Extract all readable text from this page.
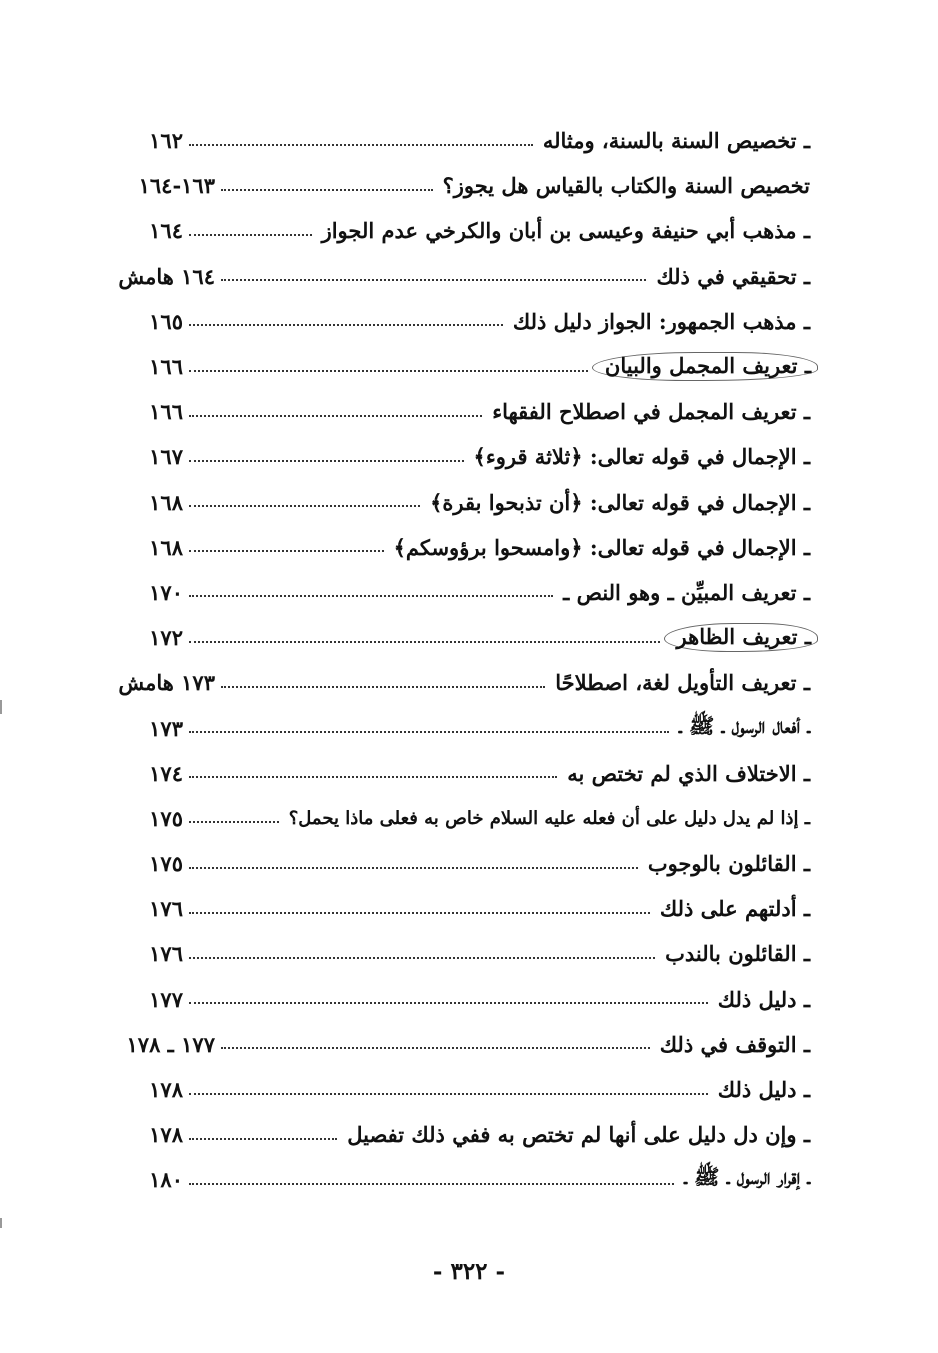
ـ تخصيص السنة بالسنة، ومثاله
١٦٢
تخصيص السنة والكتاب بالقياس هل يجوز؟
١٦٣-١٦٤
ـ مذهب أبي حنيفة وعيسى بن أبان والكرخي عدم الجواز
١٦٤
ـ تحقيقي في ذلك
١٦٤ هامش
ـ مذهب الجمهور: الجواز دليل ذلك
١٦٥
ـ تعريف المجمل والبيان
١٦٦
ـ تعريف المجمل في اصطلاح الفقهاء
١٦٦
ـ الإجمال في قوله تعالى: ﴿ثلاثة قروء﴾
١٦٧
ـ الإجمال في قوله تعالى: ﴿أن تذبحوا بقرة﴾
١٦٨
ـ الإجمال في قوله تعالى: ﴿وامسحوا برؤوسكم﴾
١٦٨
ـ تعريف المبيِّن ـ وهو النص ـ
١٧٠
ـ تعريف الظاهر
١٧٢
ـ تعريف التأويل لغة، اصطلاحًا
١٧٣ هامش
ـ أفعال الرسول ـ ﷺ ـ
١٧٣
ـ الاختلاف الذي لم تختص به
١٧٤
ـ إذا لم يدل دليل على أن فعله عليه السلام خاص به فعلى ماذا يحمل؟
١٧٥
ـ القائلون بالوجوب
١٧٥
ـ أدلتهم على ذلك
١٧٦
ـ القائلون بالندب
١٧٦
ـ دليل ذلك
١٧٧
ـ التوقف في ذلك
١٧٧ ـ ١٧٨
ـ دليل ذلك
١٧٨
ـ وإن دل دليل على أنها لم تختص به ففي ذلك تفصيل
١٧٨
ـ إقرار الرسول ـ ﷺ ـ
١٨٠
- ٣٢٢ -
